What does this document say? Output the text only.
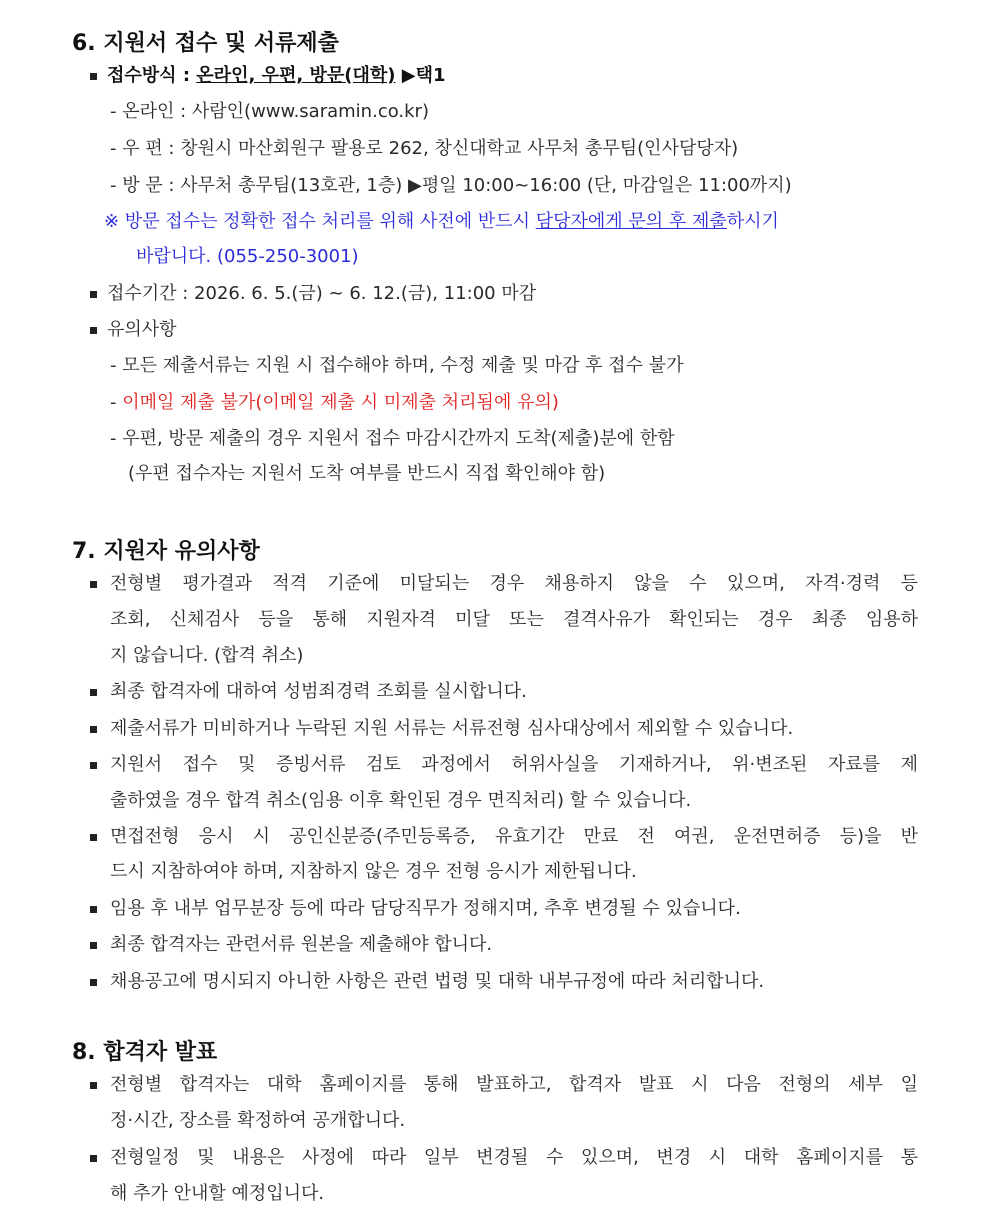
6. 지원서 접수 및 서류제출
접수방식 : 온라인, 우편, 방문(대학) ▶택1
- 온라인 : 사람인(www.saramin.co.kr)
- 우 편 : 창원시 마산회원구 팔용로 262, 창신대학교 사무처 총무팀(인사담당자)
- 방 문 : 사무처 총무팀(13호관, 1층) ▶평일 10:00~16:00 (단, 마감일은 11:00까지)
※ 방문 접수는 정확한 접수 처리를 위해 사전에 반드시 담당자에게 문의 후 제출하시기
바랍니다. (055-250-3001)
접수기간 : 2026. 6. 5.(금) ~ 6. 12.(금), 11:00 마감
유의사항
- 모든 제출서류는 지원 시 접수해야 하며, 수정 제출 및 마감 후 접수 불가
- 이메일 제출 불가(이메일 제출 시 미제출 처리됨에 유의)
- 우편, 방문 제출의 경우 지원서 접수 마감시간까지 도착(제출)분에 한함
(우편 접수자는 지원서 도착 여부를 반드시 직접 확인해야 함)
7. 지원자 유의사항
전형별 평가결과 적격 기준에 미달되는 경우 채용하지 않을 수 있으며, 자격·경력 등
조회, 신체검사 등을 통해 지원자격 미달 또는 결격사유가 확인되는 경우 최종 임용하
지 않습니다. (합격 취소)
최종 합격자에 대하여 성범죄경력 조회를 실시합니다.
제출서류가 미비하거나 누락된 지원 서류는 서류전형 심사대상에서 제외할 수 있습니다.
지원서 접수 및 증빙서류 검토 과정에서 허위사실을 기재하거나, 위·변조된 자료를 제
출하였을 경우 합격 취소(임용 이후 확인된 경우 면직처리) 할 수 있습니다.
면접전형 응시 시 공인신분증(주민등록증, 유효기간 만료 전 여권, 운전면허증 등)을 반
드시 지참하여야 하며, 지참하지 않은 경우 전형 응시가 제한됩니다.
임용 후 내부 업무분장 등에 따라 담당직무가 정해지며, 추후 변경될 수 있습니다.
최종 합격자는 관련서류 원본을 제출해야 합니다.
채용공고에 명시되지 아니한 사항은 관련 법령 및 대학 내부규정에 따라 처리합니다.
8. 합격자 발표
전형별 합격자는 대학 홈페이지를 통해 발표하고, 합격자 발표 시 다음 전형의 세부 일
정·시간, 장소를 확정하여 공개합니다.
전형일정 및 내용은 사정에 따라 일부 변경될 수 있으며, 변경 시 대학 홈페이지를 통
해 추가 안내할 예정입니다.
